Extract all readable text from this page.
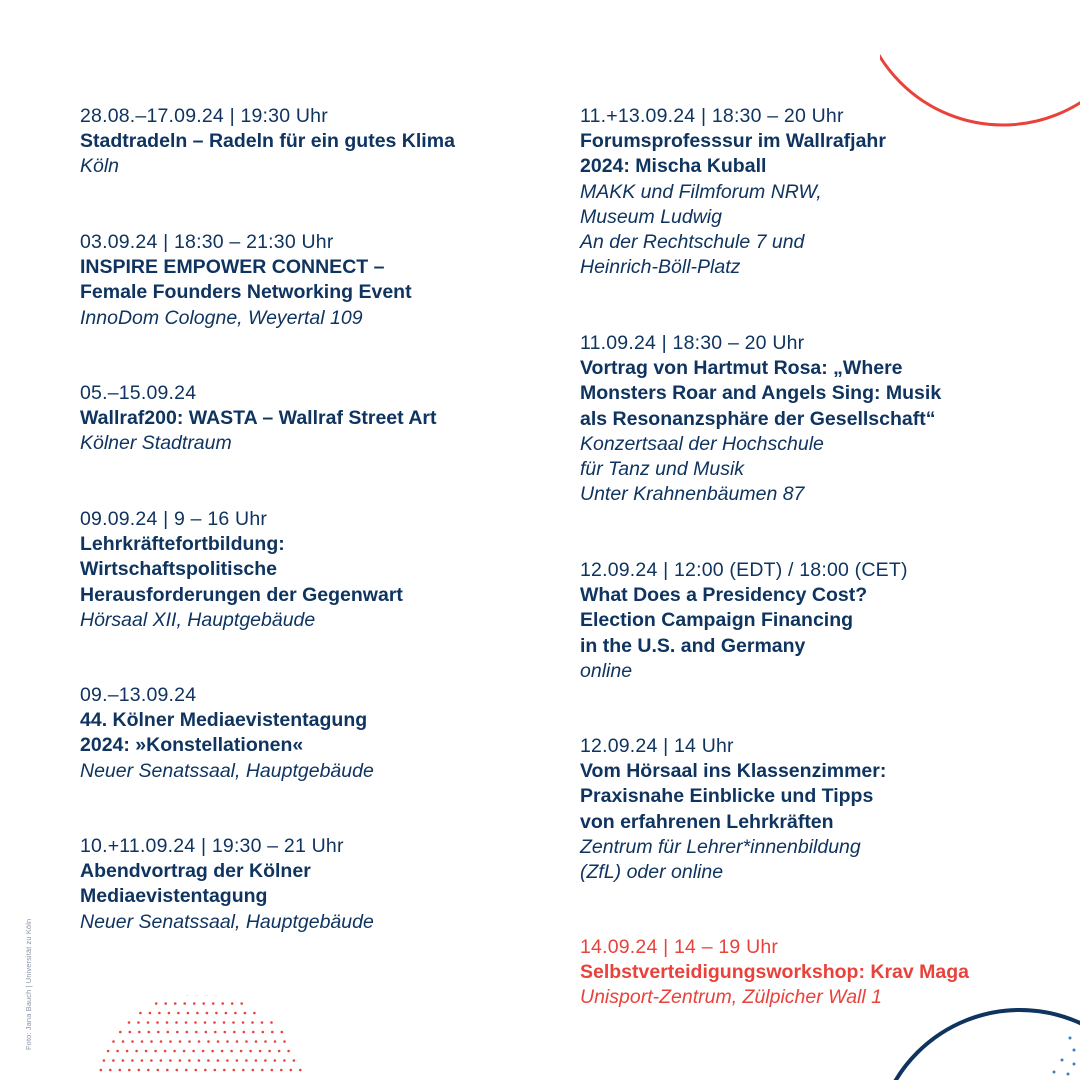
28.08.–17.09.24 | 19:30 Uhr
Stadtradeln – Radeln für ein gutes Klima
Köln
03.09.24 | 18:30 – 21:30 Uhr
INSPIRE EMPOWER CONNECT –
Female Founders Networking Event
InnoDom Cologne, Weyertal 109
05.–15.09.24
Wallraf200: WASTA – Wallraf Street Art
Kölner Stadtraum
09.09.24 | 9 – 16 Uhr
Lehrkräftefortbildung:
Wirtschaftspolitische
Herausforderungen der Gegenwart
Hörsaal XII, Hauptgebäude
09.–13.09.24
44. Kölner Mediaevistentagung
2024: »Konstellationen«
Neuer Senatssaal, Hauptgebäude
10.+11.09.24 | 19:30 – 21 Uhr
Abendvortrag der Kölner
Mediaevistentagung
Neuer Senatssaal, Hauptgebäude
11.+13.09.24 | 18:30 – 20 Uhr
Forumsprofesssur im Wallrafjahr
2024: Mischa Kuball
MAKK und Filmforum NRW,
Museum Ludwig
An der Rechtschule 7 und
Heinrich-Böll-Platz
11.09.24 | 18:30 – 20 Uhr
Vortrag von Hartmut Rosa: „Where
Monsters Roar and Angels Sing: Musik
als Resonanzsphäre der Gesellschaft“
Konzertsaal der Hochschule
für Tanz und Musik
Unter Krahnenbäumen 87
12.09.24 | 12:00 (EDT) / 18:00 (CET)
What Does a Presidency Cost?
Election Campaign Financing
in the U.S. and Germany
online
12.09.24 | 14 Uhr
Vom Hörsaal ins Klassenzimmer:
Praxisnahe Einblicke und Tipps
von erfahrenen Lehrkräften
Zentrum für Lehrer*innenbildung
(ZfL) oder online
14.09.24 | 14 – 19 Uhr
Selbstverteidigungsworkshop: Krav Maga
Unisport-Zentrum, Zülpicher Wall 1
Foto: Jana Bauch | Universität zu Köln
